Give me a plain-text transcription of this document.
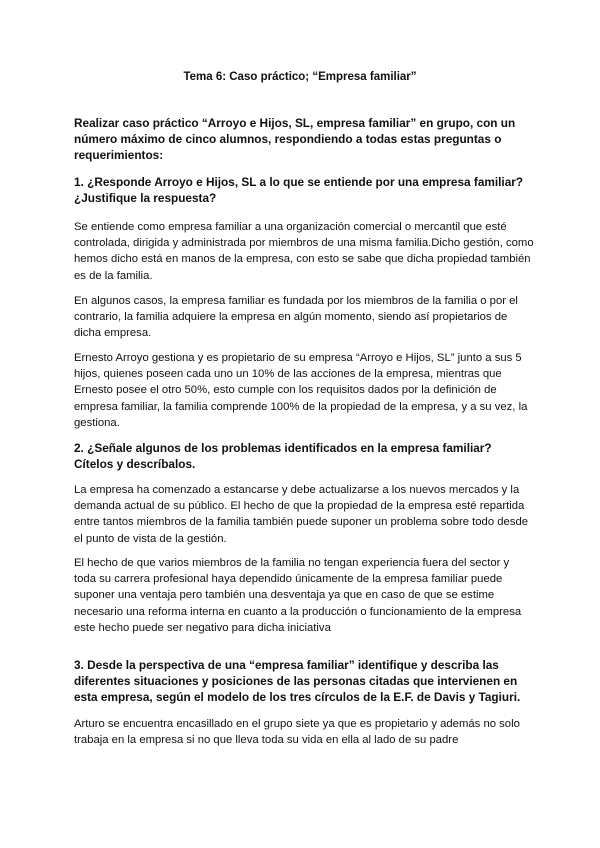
Tema 6: Caso práctico; “Empresa familiar”

Realizar caso práctico “Arroyo e Hijos, SL, empresa familiar” en grupo, con un número máximo de cinco alumnos, respondiendo a todas estas preguntas o requerimientos:

1. ¿Responde Arroyo e Hijos, SL a lo que se entiende por una empresa familiar? ¿Justifique la respuesta?

Se entiende como empresa familiar a una organización comercial o mercantil que esté controlada, dirigida y administrada por miembros de una misma familia.Dicho gestión, como hemos dicho está en manos de la empresa, con esto se sabe que dicha propiedad también es de la familia.

En algunos casos, la empresa familiar es fundada por los miembros de la familia o por el contrario, la familia adquiere la empresa en algún momento, siendo así propietarios de dicha empresa.

Ernesto Arroyo gestiona y es propietario de su empresa “Arroyo e Hijos, SL” junto a sus 5 hijos, quienes poseen cada uno un 10% de las acciones de la empresa, mientras que Ernesto posee el otro 50%, esto cumple con los requisitos dados por la definición de empresa familiar, la familia comprende 100% de la propiedad de la empresa, y a su vez, la gestiona.

2. ¿Señale algunos de los problemas identificados en la empresa familiar? Cítelos y descríbalos.

La empresa ha comenzado a estancarse y debe actualizarse a los nuevos mercados y la demanda actual de su público. El hecho de que la propiedad de la empresa esté repartida entre tantos miembros de la familia también puede suponer un problema sobre todo desde el punto de vista de la gestión.

El hecho de que varios miembros de la familia no tengan experiencia fuera del sector y toda su carrera profesional haya dependido únicamente de la empresa familiar puede suponer una ventaja pero también una desventaja ya que en caso de que se estime necesario una reforma interna en cuanto a la producción o funcionamiento de la empresa este hecho puede ser negativo para dicha iniciativa

3. Desde la perspectiva de una “empresa familiar” identifique y describa las diferentes situaciones y posiciones de las personas citadas que intervienen en esta empresa, según el modelo de los tres círculos de la E.F. de Davis y Tagiuri.

Arturo se encuentra encasillado en el grupo siete ya que es propietario y además no solo trabaja en la empresa si no que lleva toda su vida en ella al lado de su padre
